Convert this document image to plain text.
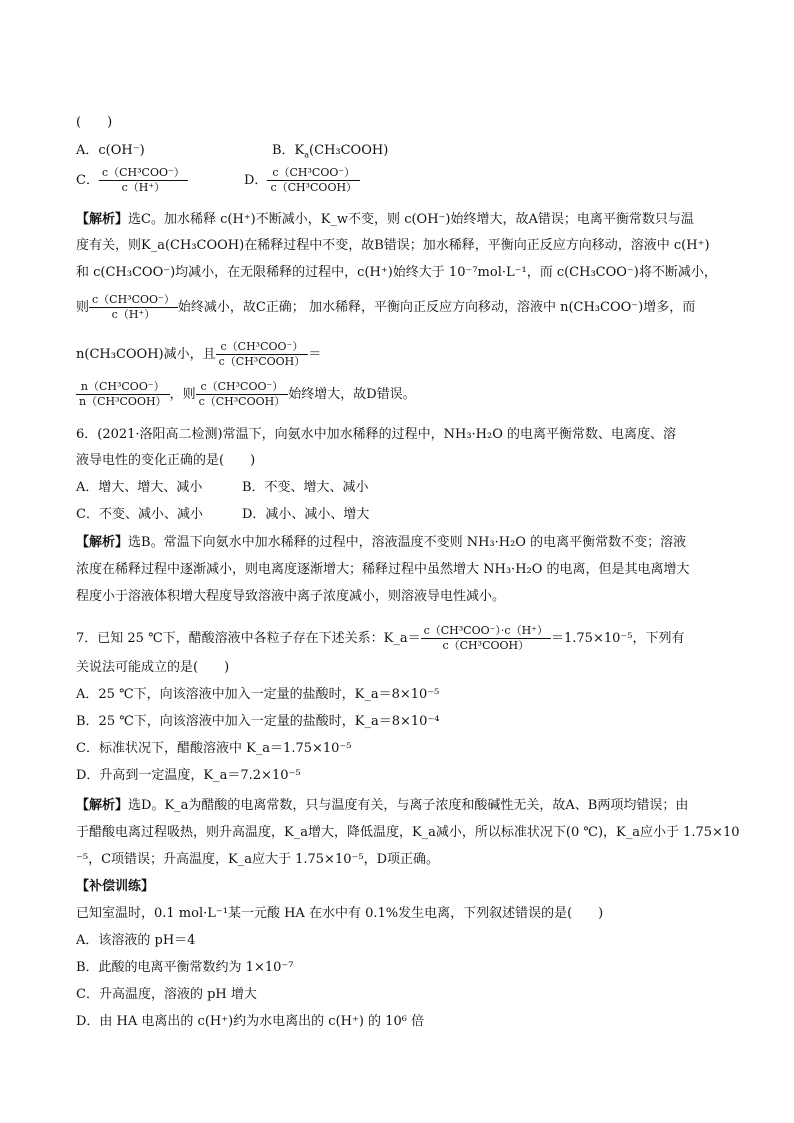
(　　)
A．c(OH⁻)	B．$K_a(CH_3COOH)$
C． $\frac{\text{c（CH³COO⁻）}}{c(H^+)}$	D． $\frac{\text{c（CH³COO⁻）}}{\text{c（CH³COOH）}}$
【解析】选C。加水稀释 c(H⁺)不断减小，K_w不变，则 c(OH⁻)始终增大，故A错误；电离平衡常数只与温
度有关，则K_a(CH₃COOH)在稀释过程中不变，故B错误；加水稀释，平衡向正反应方向移动，溶液中 c(H⁺)
和 c(CH₃COO⁻)均减小，在无限稀释的过程中，c(H⁺)始终大于 10⁻⁷mol·L⁻¹，而 c(CH₃COO⁻)将不断减小，
则 $\frac{\text{c（CH³COO⁻）}}{c(H^+)}$ 始终减小，故C正确； 加水稀释，平衡向正反应方向移动，溶液中 n(CH₃COO⁻)增多，而
n(CH₃COOH)减小，且 $\frac{\text{c（CH³COO⁻）}}{\text{c（CH³COOH）}}$ ＝
$\frac{\text{n（CH³COO⁻）}}{\text{n（CH³COOH）}}$ ，则 $\frac{\text{c（CH³COO⁻）}}{\text{c（CH³COOH）}}$ 始终增大，故D错误。
6．(2021·洛阳高二检测)常温下，向氨水中加水稀释的过程中，NH₃·H₂O 的电离平衡常数、电离度、溶
液导电性的变化正确的是(　　)
A．增大、增大、减小	B．不变、增大、减小
C．不变、减小、减小	D．减小、减小、增大
【解析】选B。常温下向氨水中加水稀释的过程中，溶液温度不变则 NH₃·H₂O 的电离平衡常数不变；溶液
浓度在稀释过程中逐渐减小，则电离度逐渐增大；稀释过程中虽然增大 NH₃·H₂O 的电离，但是其电离增大
程度小于溶液体积增大程度导致溶液中离子浓度减小，则溶液导电性减小。
7．已知 25 ℃下，醋酸溶液中各粒子存在下述关系：K_a＝ $\frac{\text{c（CH³COO⁻）·c（H⁺）}}{\text{c（CH³COOH）}} =1.75\times 10^{-5}$，下列有
关说法可能成立的是(　　)
A．25 ℃下，向该溶液中加入一定量的盐酸时，K_a＝8×10⁻⁵
B．25 ℃下，向该溶液中加入一定量的盐酸时，K_a＝8×10⁻⁴
C．标准状况下，醋酸溶液中 K_a＝1.75×10⁻⁵
D．升高到一定温度，K_a＝7.2×10⁻⁵
【解析】选D。K_a为醋酸的电离常数，只与温度有关，与离子浓度和酸碱性无关，故A、B两项均错误；由
于醋酸电离过程吸热，则升高温度，K_a增大，降低温度，K_a减小，所以标准状况下(0 ℃)，K_a应小于 1.75×10
⁻⁵，C项错误；升高温度，K_a应大于 1.75×10⁻⁵，D项正确。
【补偿训练】
已知室温时，0.1 mol·L⁻¹某一元酸 HA 在水中有 0.1%发生电离，下列叙述错误的是(　　)
A．该溶液的 pH＝4
B．此酸的电离平衡常数约为 1×10⁻⁷
C．升高温度，溶液的 pH 增大
D．由 HA 电离出的 c(H⁺)约为水电离出的 c(H⁺) 的 10⁶ 倍
